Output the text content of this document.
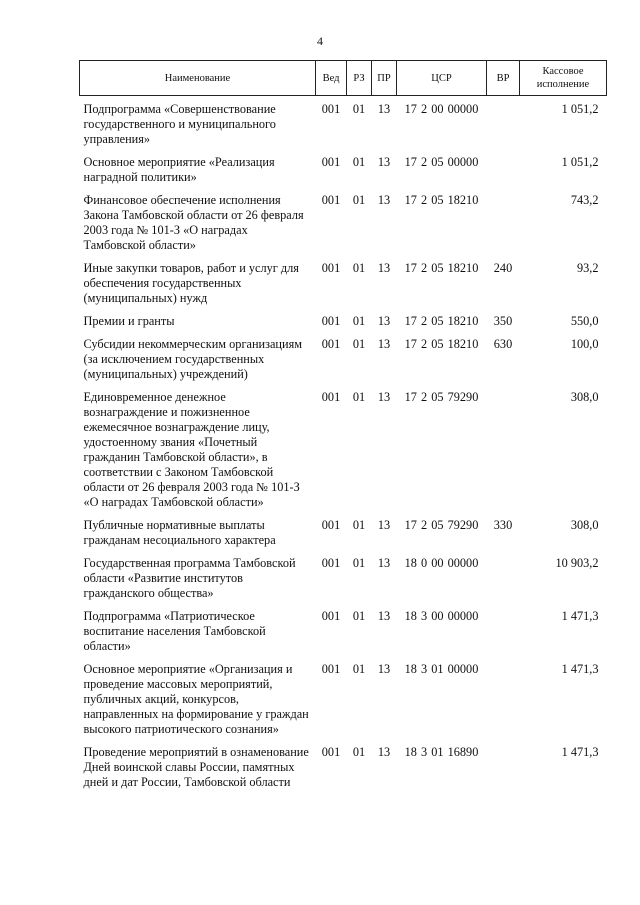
4
Наименование	Вед	РЗ	ПР	ЦСР	ВР	Кассовое исполнение
Подпрограмма «Совершенствование государственного и муниципального управления»	001	01	13	17 2 00 00000		1 051,2
Основное мероприятие «Реализация наградной политики»	001	01	13	17 2 05 00000		1 051,2
Финансовое обеспечение исполнения Закона Тамбовской области от 26 февраля 2003 года № 101-З «О наградах Тамбовской области»	001	01	13	17 2 05 18210		743,2
Иные закупки товаров, работ и услуг для обеспечения государственных (муниципальных) нужд	001	01	13	17 2 05 18210	240	93,2
Премии и гранты	001	01	13	17 2 05 18210	350	550,0
Субсидии некоммерческим организациям (за исключением государственных (муниципальных) учреждений)	001	01	13	17 2 05 18210	630	100,0
Единовременное денежное вознаграждение и пожизненное ежемесячное вознаграждение лицу, удостоенному звания «Почетный гражданин Тамбовской области», в соответствии с Законом Тамбовской области от 26 февраля 2003 года № 101-З «О наградах Тамбовской области»	001	01	13	17 2 05 79290		308,0
Публичные нормативные выплаты гражданам несоциального характера	001	01	13	17 2 05 79290	330	308,0
Государственная программа Тамбовской области «Развитие институтов гражданского общества»	001	01	13	18 0 00 00000		10 903,2
Подпрограмма «Патриотическое воспитание населения Тамбовской области»	001	01	13	18 3 00 00000		1 471,3
Основное мероприятие «Организация и проведение массовых мероприятий, публичных акций, конкурсов, направленных на формирование у граждан высокого патриотического сознания»	001	01	13	18 3 01 00000		1 471,3
Проведение мероприятий в ознаменование Дней воинской славы России, памятных дней и дат России, Тамбовской области	001	01	13	18 3 01 16890		1 471,3
